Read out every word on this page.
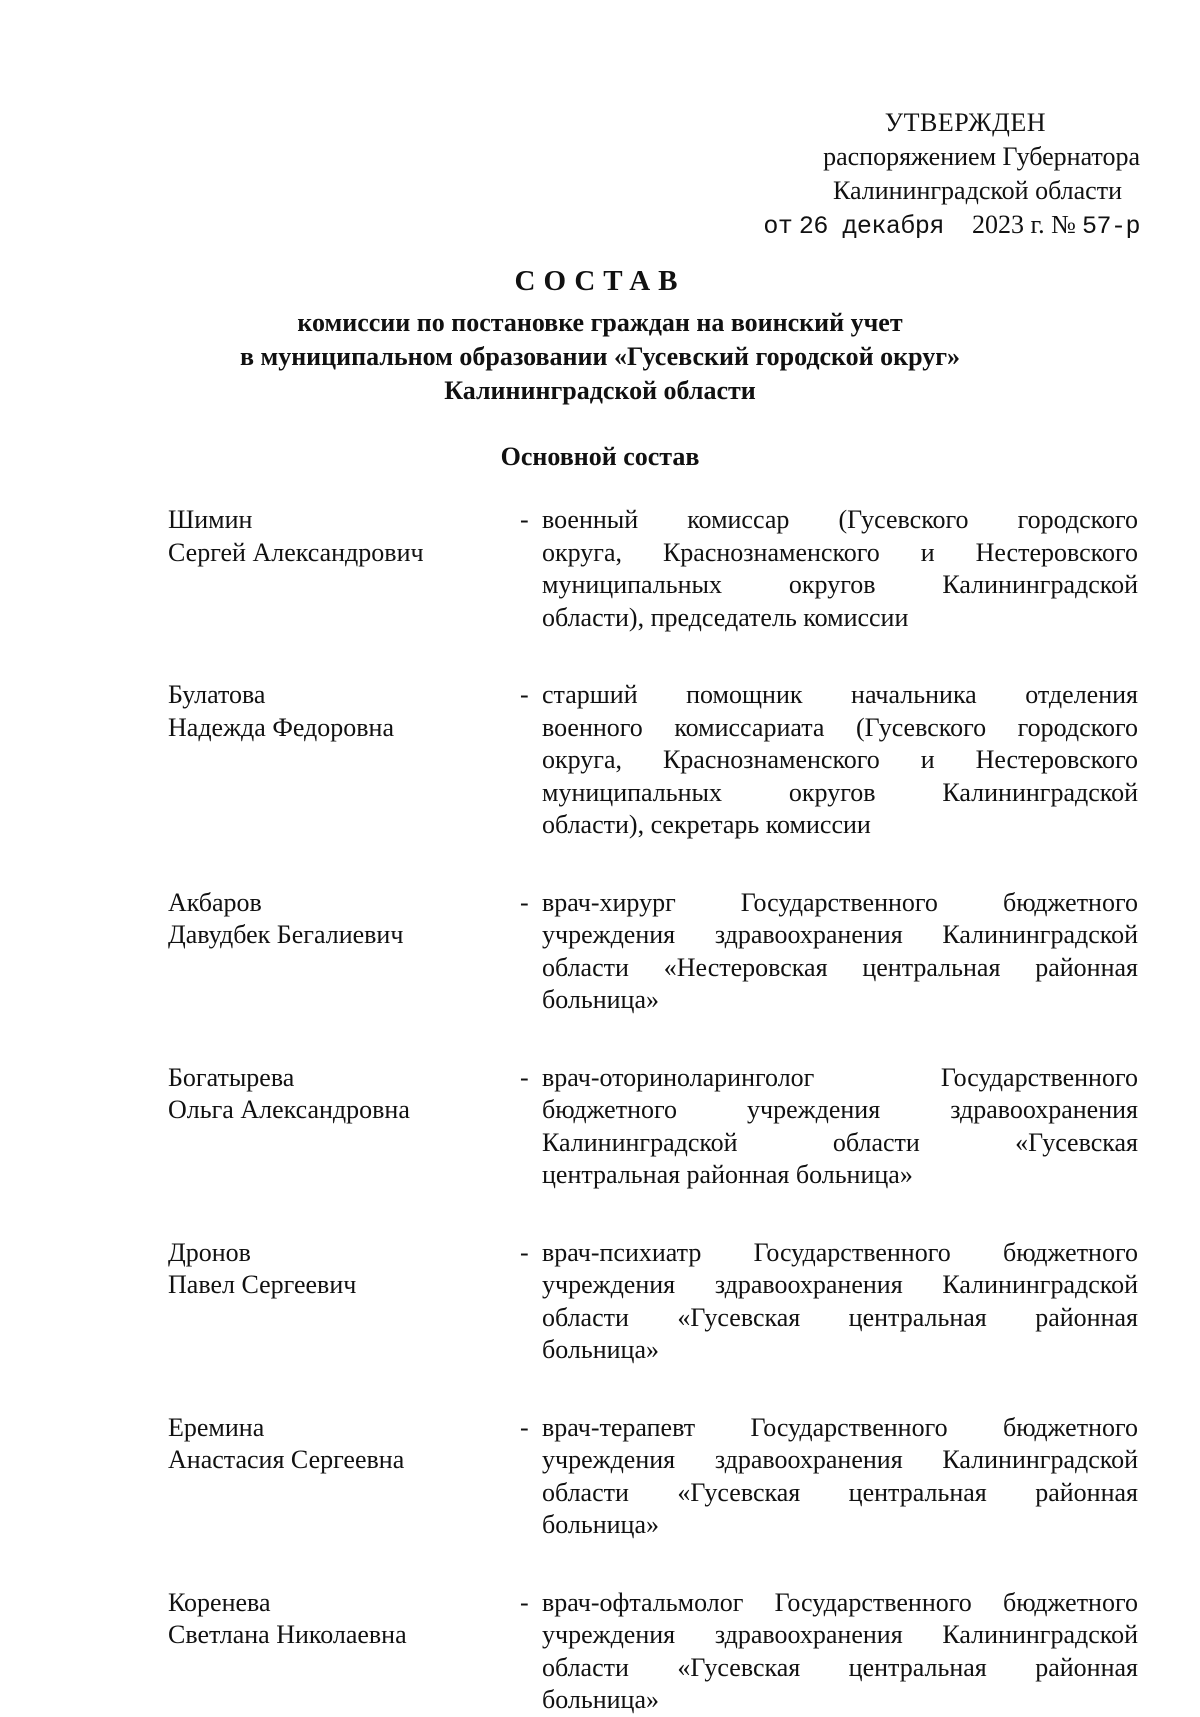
УТВЕРЖДЕН
распоряжением Губернатора
Калининградской области
от 26 декабря 2023 г. № 57-р
СОСТАВ
комиссии по постановке граждан на воинский учет
в муниципальном образовании «Гусевский городской округ»
Калининградской области
Основной состав
Шимин
Сергей Александрович
- военный комиссар (Гусевского городского
округа, Краснознаменского и Нестеровского
муниципальных округов Калининградской
области), председатель комиссии
Булатова
Надежда Федоровна
- старший помощник начальника отделения
военного комиссариата (Гусевского городского
округа, Краснознаменского и Нестеровского
муниципальных округов Калининградской
области), секретарь комиссии
Акбаров
Давудбек Бегалиевич
- врач-хирург Государственного бюджетного
учреждения здравоохранения Калининградской
области «Нестеровская центральная районная
больница»
Богатырева
Ольга Александровна
- врач-оториноларинголог Государственного
бюджетного учреждения здравоохранения
Калининградской области «Гусевская
центральная районная больница»
Дронов
Павел Сергеевич
- врач-психиатр Государственного бюджетного
учреждения здравоохранения Калининградской
области «Гусевская центральная районная
больница»
Еремина
Анастасия Сергеевна
- врач-терапевт Государственного бюджетного
учреждения здравоохранения Калининградской
области «Гусевская центральная районная
больница»
Коренева
Светлана Николаевна
- врач-офтальмолог Государственного бюджетного
учреждения здравоохранения Калининградской
области «Гусевская центральная районная
больница»
